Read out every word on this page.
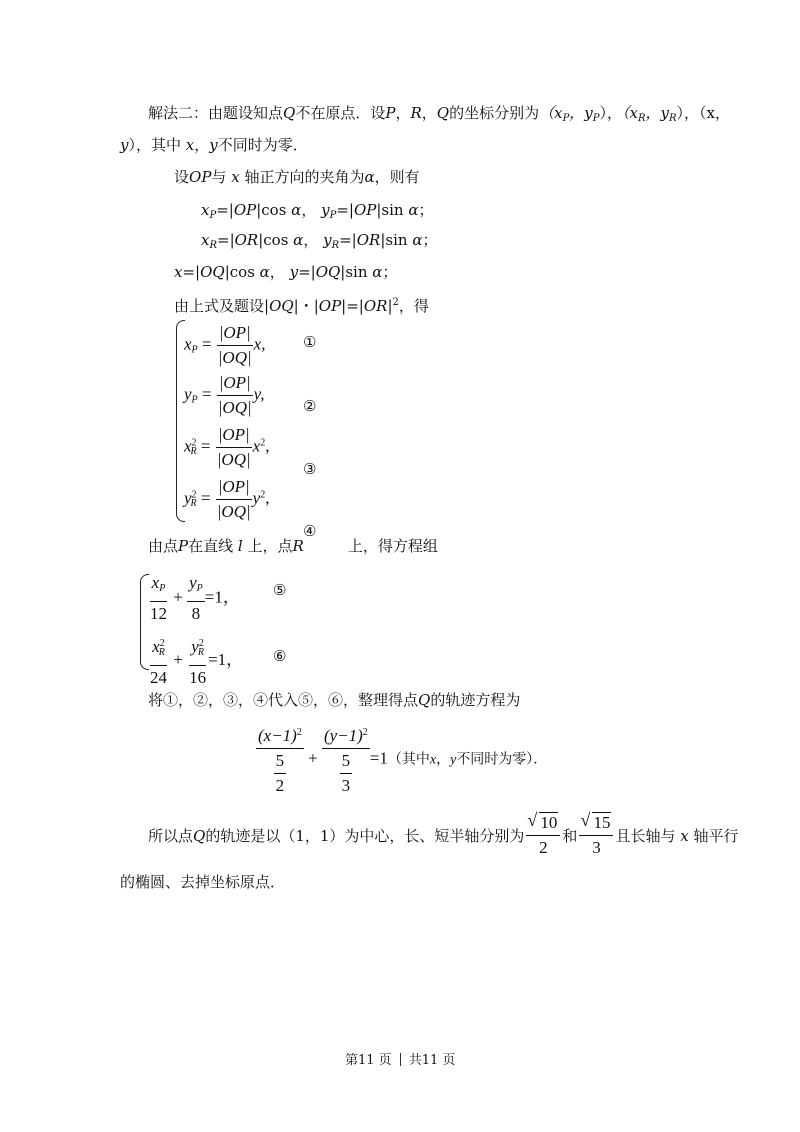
解法二：由题设知点Q不在原点．设P，R，Q的坐标分别为（$x_P$，$y_P$），（$x_R$，$y_R$），（x，
y），其中 x，y不同时为零．
设OP与 x 轴正方向的夹角为α，则有
$x_P=|OP|\cos$ α， $y_P=|OP|\sin$ α；
$x_R=|OR|\cos$ α， $y_R=|OR|\sin$ α；
x=|OQ|cos α， y=|OQ|sin α；
由上式及题设|OQ|・$|OP|=|OR|^2$，得
$x_P = \frac{|OP|}{|OQ|} x$,	①
$y_P = \frac{|OP|}{|OQ|} y$,
②
$x^2_R = \frac{|OP|}{|OQ|} x^2$,
③
$y^2_R = \frac{|OP|}{|OQ|} y^2$,
④
由点P在直线 l 上，点R	上，得方程组
$\frac{x_P}{12} + \frac{y_P}{8} =1$， ⑤
$\frac{x^2_R}{24} + \frac{y^2_R}{16} =1$， ⑥
将①，②，③，④代入⑤，⑥，整理得点Q的轨迹方程为
$\frac{(x-1)^2}{\frac{5}{2}} + \frac{(y-1)^2}{\frac{5}{3}} =1$（其中x，y不同时为零）．
所以点 Q 的轨迹是以（1，1）为中心，长、短半轴分别为 √ $\frac{10}{2}$ 和 √ $\frac{15}{3}$ 且长轴与
x
轴平行
的椭圆、去掉坐标原点．
第11 页 共11 页
